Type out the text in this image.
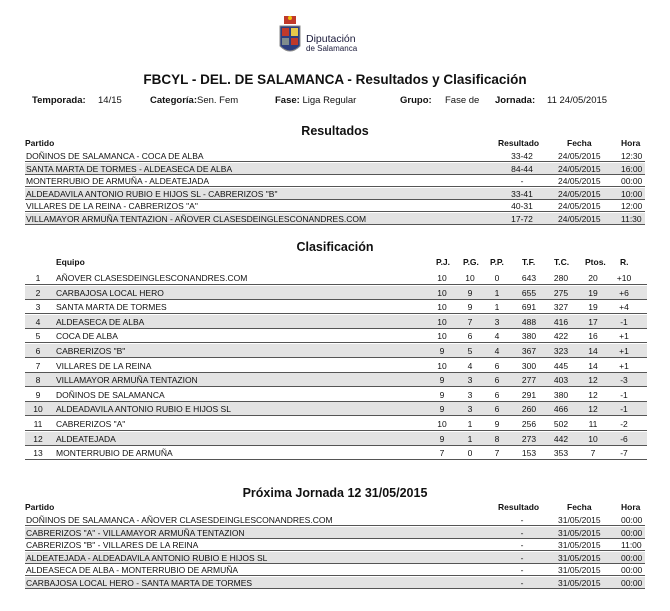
Diputación
de Salamanca
FBCYL - DEL. DE SALAMANCA - Resultados y Clasificación
Temporada: 14/15	Categoría:Sen. Fem	Fase: Liga Regular	Grupo: Fase de Jornada: 11 24/05/2015
Resultados
Partido	Resultado	Fecha	Hora
DOÑINOS DE SALAMANCA - COCA DE ALBA	33-42	24/05/2015 12:30
SANTA MARTA DE TORMES - ALDEASECA DE ALBA	84-44	24/05/2015 16:00
MONTERRUBIO DE ARMUÑA - ALDEATEJADA	-	24/05/2015 00:00
ALDEADAVILA ANTONIO RUBIO E HIJOS SL - CABRERIZOS "B"	33-41	24/05/2015 10:00
VILLARES DE LA REINA - CABRERIZOS "A"	40-31	24/05/2015 12:00
VILLAMAYOR ARMUÑA TENTAZION - AÑOVER CLASESDEINGLESCONANDRES.COM	17-72	24/05/2015 11:30
Clasificación
Equipo	P.J. P.G. P.P. T.F. T.C. Ptos. R.
1	AÑOVER CLASESDEINGLESCONANDRES.COM	10	10	0	643	280	20	+10
2	CARBAJOSA LOCAL HERO	10	9	1	655	275	19	+6
3	SANTA MARTA DE TORMES	10	9	1	691	327	19	+4
4	ALDEASECA DE ALBA	10	7	3	488	416	17	-1
5	COCA DE ALBA	10	6	4	380	422	16	+1
6	CABRERIZOS "B"	9	5	4	367	323	14	+1
7	VILLARES DE LA REINA	10	4	6	300	445	14	+1
8	VILLAMAYOR ARMUÑA TENTAZION	9	3	6	277	403	12	-3
9	DOÑINOS DE SALAMANCA	9	3	6	291	380	12	-1
10	ALDEADAVILA ANTONIO RUBIO E HIJOS SL	9	3	6	260	466	12	-1
11	CABRERIZOS "A"	10	1	9	256	502	11	-2
12	ALDEATEJADA	9	1	8	273	442	10	-6
13	MONTERRUBIO DE ARMUÑA	7	0	7	153	353	7	-7
Próxima Jornada 12 31/05/2015
Partido	Resultado	Fecha	Hora
DOÑINOS DE SALAMANCA - AÑOVER CLASESDEINGLESCONANDRES.COM	-	31/05/2015 00:00
CABRERIZOS "A" - VILLAMAYOR ARMUÑA TENTAZION	-	31/05/2015 00:00
CABRERIZOS "B" - VILLARES DE LA REINA	-	31/05/2015 11:00
ALDEATEJADA - ALDEADAVILA ANTONIO RUBIO E HIJOS SL	-	31/05/2015 00:00
ALDEASECA DE ALBA - MONTERRUBIO DE ARMUÑA	-	31/05/2015 00:00
CARBAJOSA LOCAL HERO - SANTA MARTA DE TORMES	-	31/05/2015 00:00
